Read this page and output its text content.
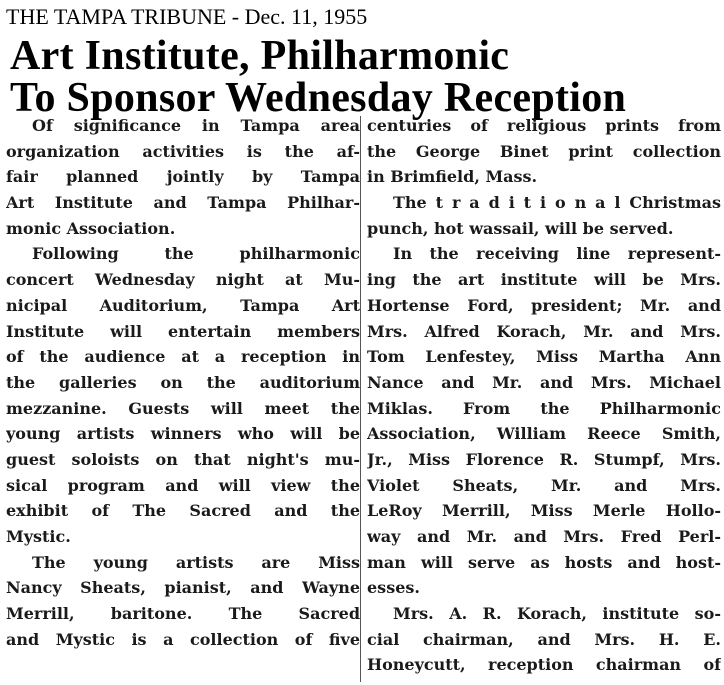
THE TAMPA TRIBUNE - Dec. 11, 1955
Art Institute, Philharmonic
To Sponsor Wednesday Reception
Of significance in Tampa area
organization activities is the af-
fair planned jointly by Tampa
Art Institute and Tampa Philhar-
monic Association.
Following the philharmonic
concert Wednesday night at Mu-
nicipal Auditorium, Tampa Art
Institute will entertain members
of the audience at a reception in
the galleries on the auditorium
mezzanine. Guests will meet the
young artists winners who will be
guest soloists on that night's mu-
sical program and will view the
exhibit of The Sacred and the
Mystic.
The young artists are Miss
Nancy Sheats, pianist, and Wayne
Merrill, baritone. The Sacred
and Mystic is a collection of five
centuries of religious prints from
the George Binet print collection
in Brimfield, Mass.
The t r a d i t i o n a l Christmas
punch, hot wassail, will be served.
In the receiving line represent-
ing the art institute will be Mrs.
Hortense Ford, president; Mr. and
Mrs. Alfred Korach, Mr. and Mrs.
Tom Lenfestey, Miss Martha Ann
Nance and Mr. and Mrs. Michael
Miklas. From the Philharmonic
Association, William Reece Smith,
Jr., Miss Florence R. Stumpf, Mrs.
Violet Sheats, Mr. and Mrs.
LeRoy Merrill, Miss Merle Hollo-
way and Mr. and Mrs. Fred Perl-
man will serve as hosts and host-
esses.
Mrs. A. R. Korach, institute so-
cial chairman, and Mrs. H. E.
Honeycutt, reception chairman of
